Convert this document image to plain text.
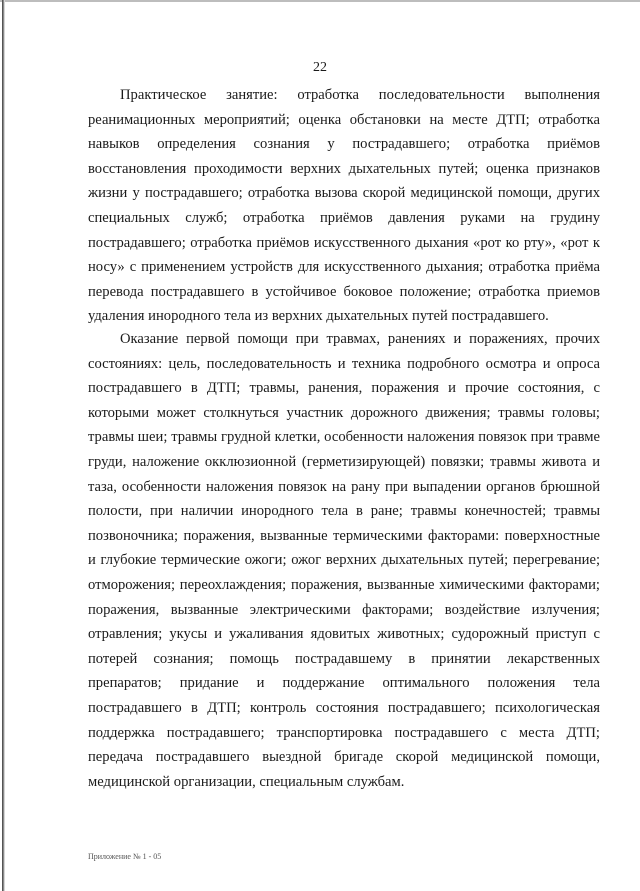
22
Практическое занятие: отработка последовательности выполнения реанимационных мероприятий; оценка обстановки на месте ДТП; отработка навыков определения сознания у пострадавшего; отработка приёмов восстановления проходимости верхних дыхательных путей; оценка признаков жизни у пострадавшего; отработка вызова скорой медицинской помощи, других специальных служб; отработка приёмов давления руками на грудину пострадавшего; отработка приёмов искусственного дыхания «рот ко рту», «рот к носу» с применением устройств для искусственного дыхания; отработка приёма перевода пострадавшего в устойчивое боковое положение; отработка приемов удаления инородного тела из верхних дыхательных путей пострадавшего.
Оказание первой помощи при травмах, ранениях и поражениях, прочих состояниях: цель, последовательность и техника подробного осмотра и опроса пострадавшего в ДТП; травмы, ранения, поражения и прочие состояния, с которыми может столкнуться участник дорожного движения; травмы головы; травмы шеи; травмы грудной клетки, особенности наложения повязок при травме груди, наложение окклюзионной (герметизирующей) повязки; травмы живота и таза, особенности наложения повязок на рану при выпадении органов брюшной полости, при наличии инородного тела в ране; травмы конечностей; травмы позвоночника; поражения, вызванные термическими факторами: поверхностные и глубокие термические ожоги; ожог верхних дыхательных путей; перегревание; отморожения; переохлаждения; поражения, вызванные химическими факторами; поражения, вызванные электрическими факторами; воздействие излучения; отравления; укусы и ужаливания ядовитых животных; судорожный приступ с потерей сознания; помощь пострадавшему в принятии лекарственных препаратов; придание и поддержание оптимального положения тела пострадавшего в ДТП; контроль состояния пострадавшего; психологическая поддержка пострадавшего; транспортировка пострадавшего с места ДТП; передача пострадавшего выездной бригаде скорой медицинской помощи, медицинской организации, специальным службам.
Приложение № 1 - 05
